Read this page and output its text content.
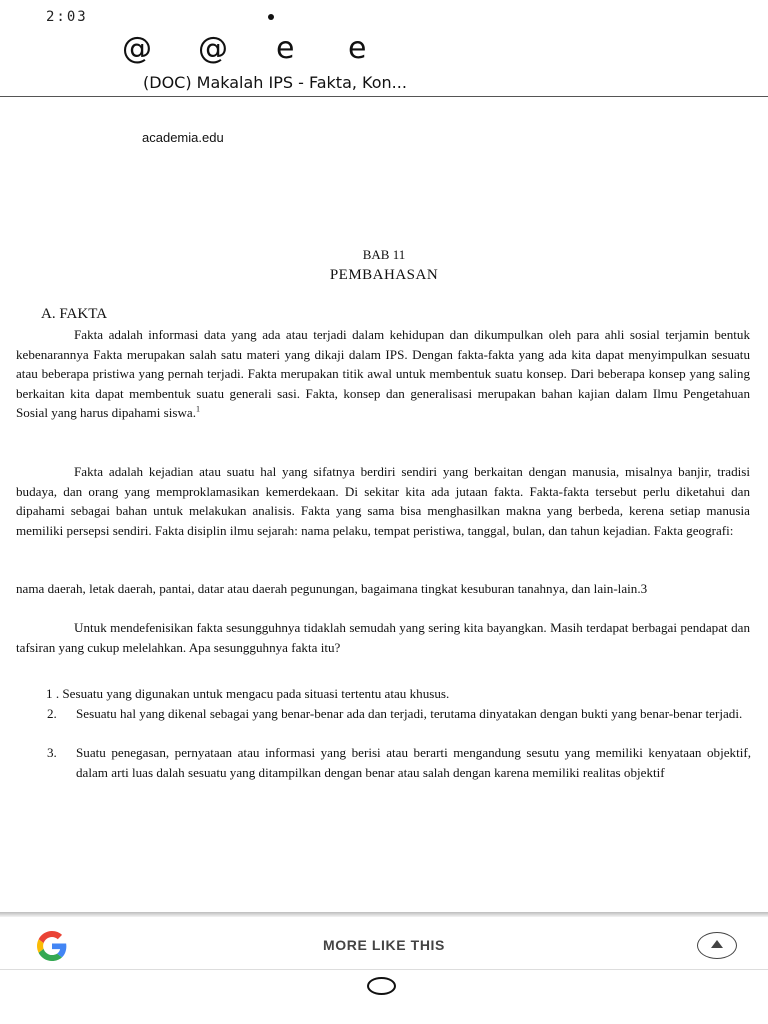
2:03
@ @ e e
(DOC) Makalah IPS - Fakta, Kon...
academia.edu
BAB 11
PEMBAHASAN
A. FAKTA

Fakta adalah informasi data yang ada atau terjadi dalam kehidupan dan dikumpulkan oleh para ahli sosial terjamin bentuk kebenarannya Fakta merupakan salah satu materi yang dikaji dalam IPS. Dengan fakta-fakta yang ada kita dapat menyimpulkan sesuatu atau beberapa pristiwa yang pernah terjadi. Fakta merupakan titik awal untuk membentuk suatu konsep. Dari beberapa konsep yang saling berkaitan kita dapat membentuk suatu generali sasi. Fakta, konsep dan generalisasi merupakan bahan kajian dalam Ilmu Pengetahuan Sosial yang harus dipahami siswa.$^1$

Fakta adalah kejadian atau suatu hal yang sifatnya berdiri sendiri yang berkaitan dengan manusia, misalnya banjir, tradisi budaya, dan orang yang memproklamasikan kemerdekaan. Di sekitar kita ada jutaan fakta. Fakta-fakta tersebut perlu diketahui dan dipahami sebagai bahan untuk melakukan analisis. Fakta yang sama bisa menghasilkan makna yang berbeda, kerena setiap manusia memiliki persepsi sendiri. Fakta disiplin ilmu sejarah: nama pelaku, tempat peristiwa, tanggal, bulan, dan tahun kejadian. Fakta geografi:

nama daerah, letak daerah, pantai, datar atau daerah pegunungan, bagaimana tingkat kesuburan tanahnya, dan lain-lain.3

Untuk mendefenisikan fakta sesungguhnya tidaklah semudah yang sering kita bayangkan. Masih terdapat berbagai pendapat dan tafsiran yang cukup melelahkan. Apa sesungguhnya fakta itu?

1 . Sesuatu yang digunakan untuk mengacu pada situasi tertentu atau khusus.
2. Sesuatu hal yang dikenal sebagai yang benar-benar ada dan terjadi, terutama dinyatakan dengan bukti yang benar-benar terjadi.
3. Suatu penegasan, pernyataan atau informasi yang berisi atau berarti mengandung sesutu yang memiliki kenyataan objektif, dalam arti luas dalah sesuatu yang ditampilkan dengan benar atau salah dengan karena memiliki realitas objektif
MORE LIKE THIS
